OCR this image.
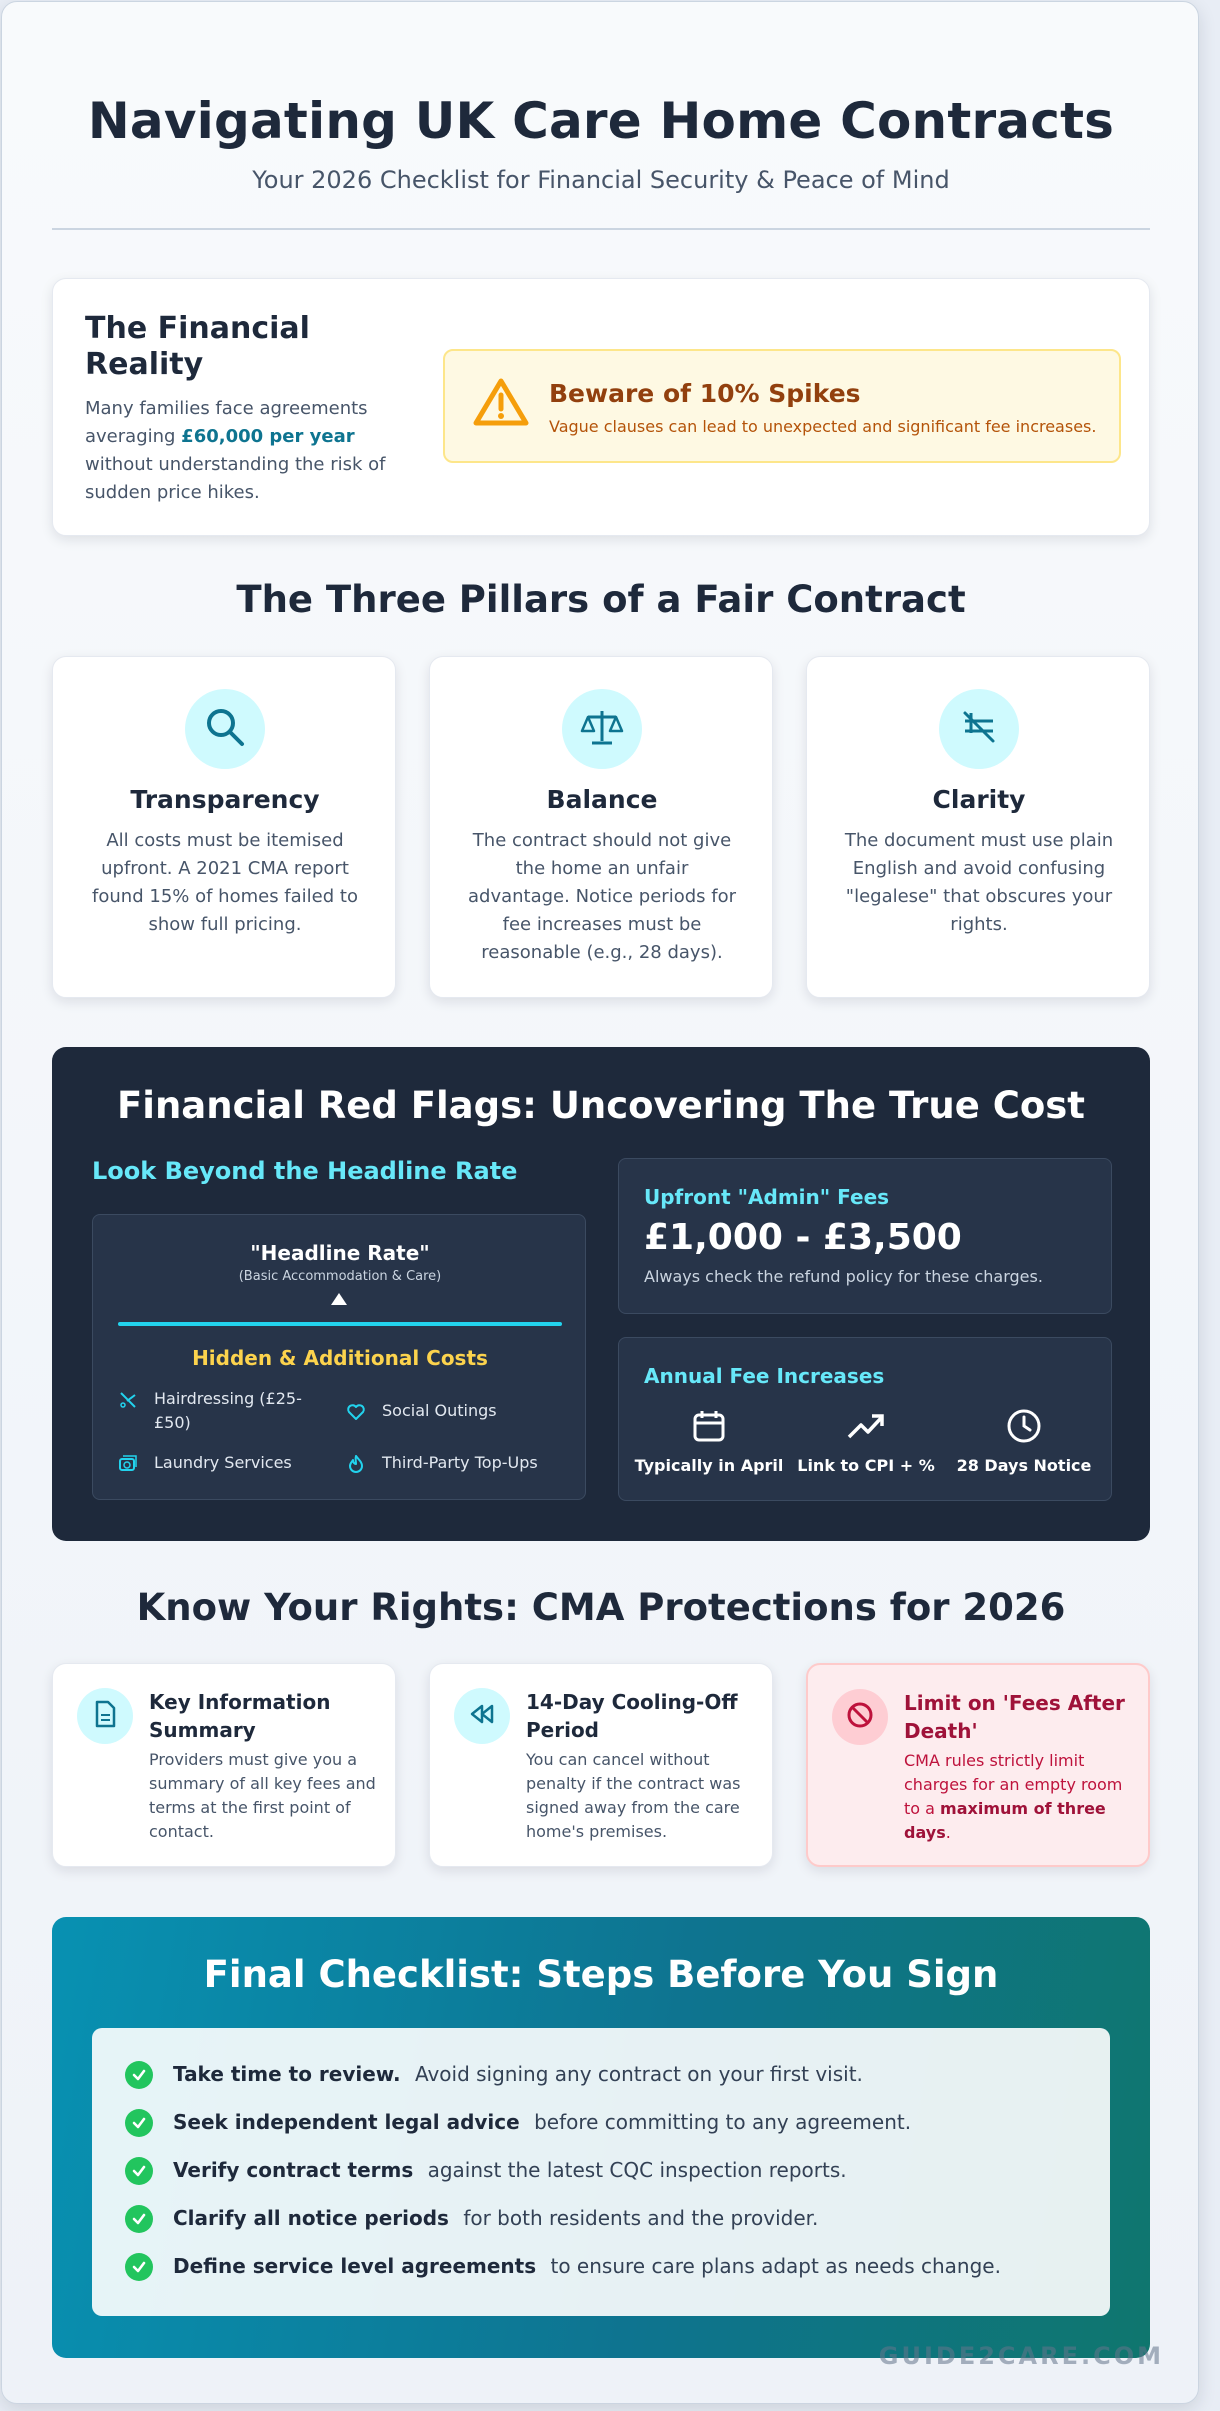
Navigating UK Care Home Contracts
Your 2026 Checklist for Financial Security & Peace of Mind
The Financial Reality
Many families face agreements averaging £60,000 per year without understanding the risk of sudden price hikes.
Beware of 10% Spikes
Vague clauses can lead to unexpected and significant fee increases.
The Three Pillars of a Fair Contract
Transparency

All costs must be itemised upfront. A 2021 CMA report found 15% of homes failed to show full pricing.

Balance

The contract should not give the home an unfair advantage. Notice periods for fee increases must be reasonable (e.g., 28 days).

Clarity

The document must use plain English and avoid confusing "legalese" that obscures your rights.

Financial Red Flags: Uncovering The True Cost
Look Beyond the Headline Rate
"Headline Rate"
(Basic Accommodation & Care)
Hidden & Additional Costs
Hairdressing (£25-£50)
Social Outings
Laundry Services	Third-Party Top-Ups
Upfront "Admin" Fees
£1,000 - £3,500
Always check the refund policy for these charges.
Annual Fee Increases
Typically in April Link to CPI + %	28 Days Notice
Know Your Rights: CMA Protections for 2026
Key Information Summary

Providers must give you a summary of all key fees and terms at the first point of contact.

14-Day Cooling-Off Period

You can cancel without penalty if the contract was signed away from the care home's premises.

Limit on 'Fees After Death'

CMA rules strictly limit charges for an empty room to a maximum of three days.

Final Checklist: Steps Before You Sign
Take time to review. Avoid signing any contract on your first visit.
Seek independent legal advice before committing to any agreement.
Verify contract terms against the latest CQC inspection reports.
Clarify all notice periods for both residents and the provider.
Define service level agreements to ensure care plans adapt as needs change.
GUIDE2CARE.COM
